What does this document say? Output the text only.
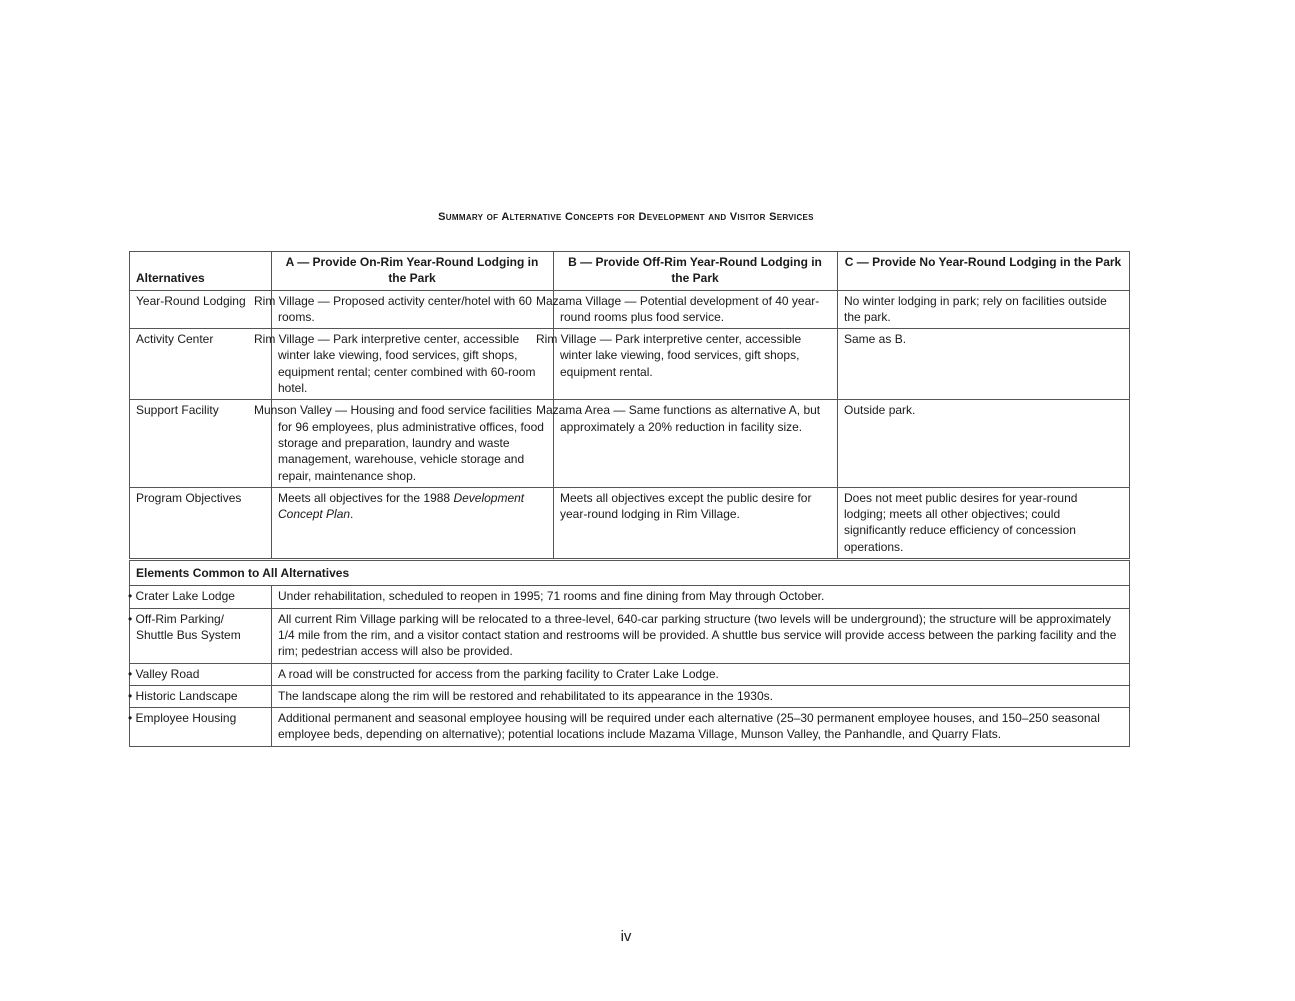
Summary of Alternative Concepts for Development and Visitor Services
Alternatives	A — Provide On-Rim Year-Round Lodging in the Park	B — Provide Off-Rim Year-Round Lodging in the Park	C — Provide No Year-Round Lodging in the Park
Year-Round Lodging	Rim Village — Proposed activity center/hotel with 60 rooms.	Mazama Village — Potential development of 40 year-round rooms plus food service.	No winter lodging in park; rely on facilities outside the park.
Activity Center	Rim Village — Park interpretive center, accessible winter lake viewing, food services, gift shops, equipment rental; center combined with 60-room hotel.	Rim Village — Park interpretive center, accessible winter lake viewing, food services, gift shops, equipment rental.	Same as B.
Support Facility	Munson Valley — Housing and food service facilities for 96 employees, plus administrative offices, food storage and preparation, laundry and waste management, warehouse, vehicle storage and repair, maintenance shop.	Mazama Area — Same functions as alternative A, but approximately a 20% reduction in facility size.	Outside park.
Program Objectives	Meets all objectives for the 1988 Development Concept Plan.	Meets all objectives except the public desire for year-round lodging in Rim Village.	Does not meet public desires for year-round lodging; meets all other objectives; could significantly reduce efficiency of concession operations.
Elements Common to All Alternatives			
• Crater Lake Lodge	Under rehabilitation, scheduled to reopen in 1995; 71 rooms and fine dining from May through October.		
• Off-Rim Parking/ Shuttle Bus System	All current Rim Village parking will be relocated to a three-level, 640-car parking structure (two levels will be underground); the structure will be approximately 1/4 mile from the rim, and a visitor contact station and restrooms will be provided. A shuttle bus service will provide access between the parking facility and the rim; pedestrian access will also be provided.		
• Valley Road	A road will be constructed for access from the parking facility to Crater Lake Lodge.		
• Historic Landscape	The landscape along the rim will be restored and rehabilitated to its appearance in the 1930s.		
• Employee Housing	Additional permanent and seasonal employee housing will be required under each alternative (25–30 permanent employee houses, and 150–250 seasonal employee beds, depending on alternative); potential locations include Mazama Village, Munson Valley, the Panhandle, and Quarry Flats.		
iv
